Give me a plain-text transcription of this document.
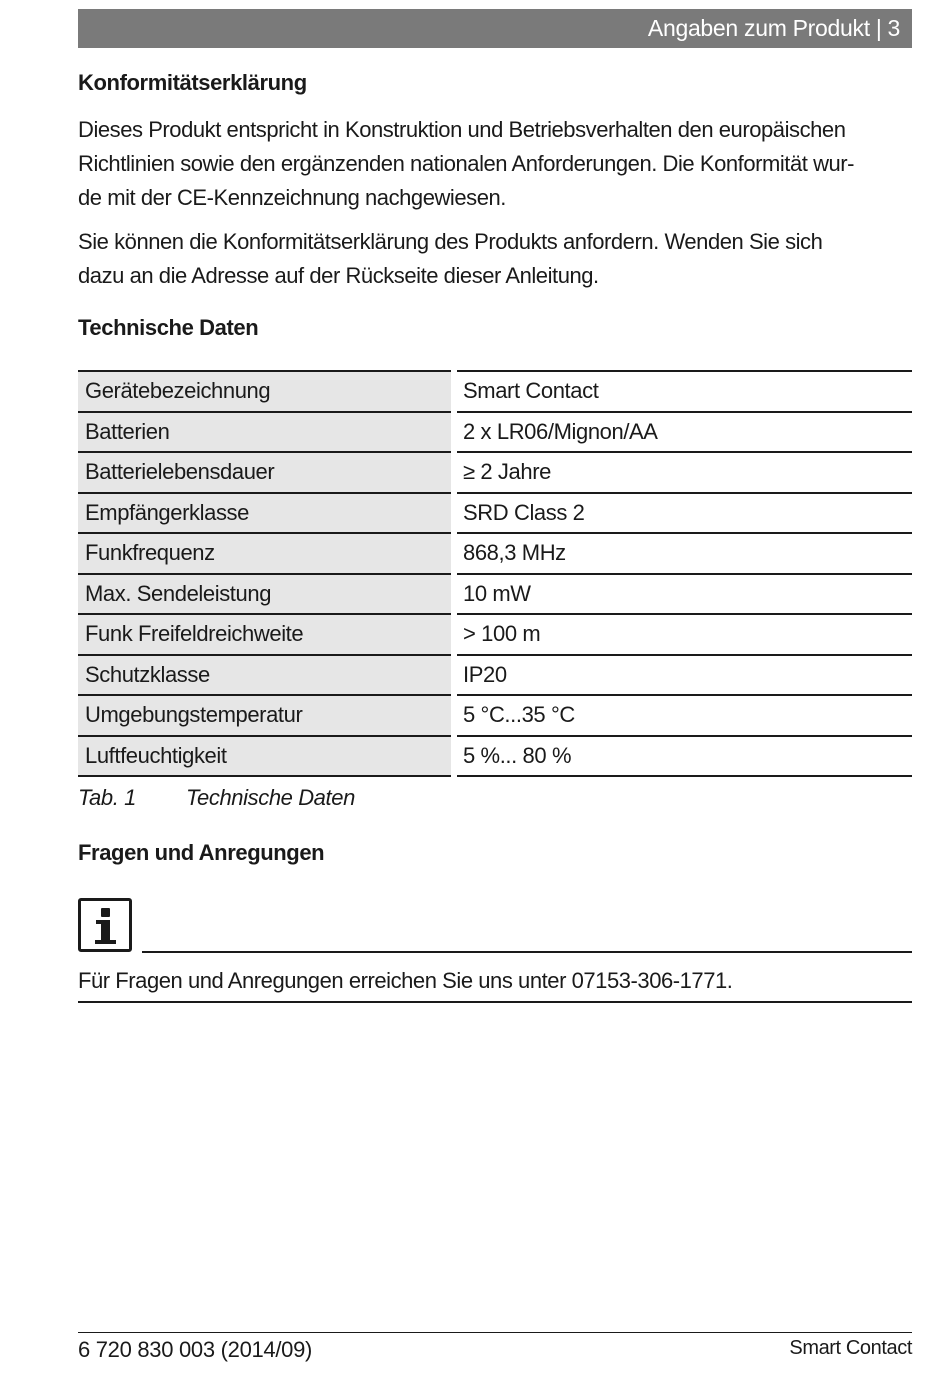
Angaben zum Produkt | 3
Konformitätserklärung
Dieses Produkt entspricht in Konstruktion und Betriebsverhalten den europäischen
Richtlinien sowie den ergänzenden nationalen Anforderungen. Die Konformität wur-
de mit der CE-Kennzeichnung nachgewiesen.
Sie können die Konformitätserklärung des Produkts anfordern. Wenden Sie sich
dazu an die Adresse auf der Rückseite dieser Anleitung.
Technische Daten
Gerätebezeichnung	Smart Contact
Batterien	2 x LR06/Mignon/AA
Batterielebensdauer	≥ 2 Jahre
Empfängerklasse	SRD Class 2
Funkfrequenz	868,3 MHz
Max. Sendeleistung	10 mW
Funk Freifeldreichweite	> 100 m
Schutzklasse	IP20
Umgebungstemperatur	5 °C...35 °C
Luftfeuchtigkeit	5 %... 80 %
Tab. 1 Technische Daten
Fragen und Anregungen
Für Fragen und Anregungen erreichen Sie uns unter 07153-306-1771.
6 720 830 003 (2014/09)	Smart Contact
